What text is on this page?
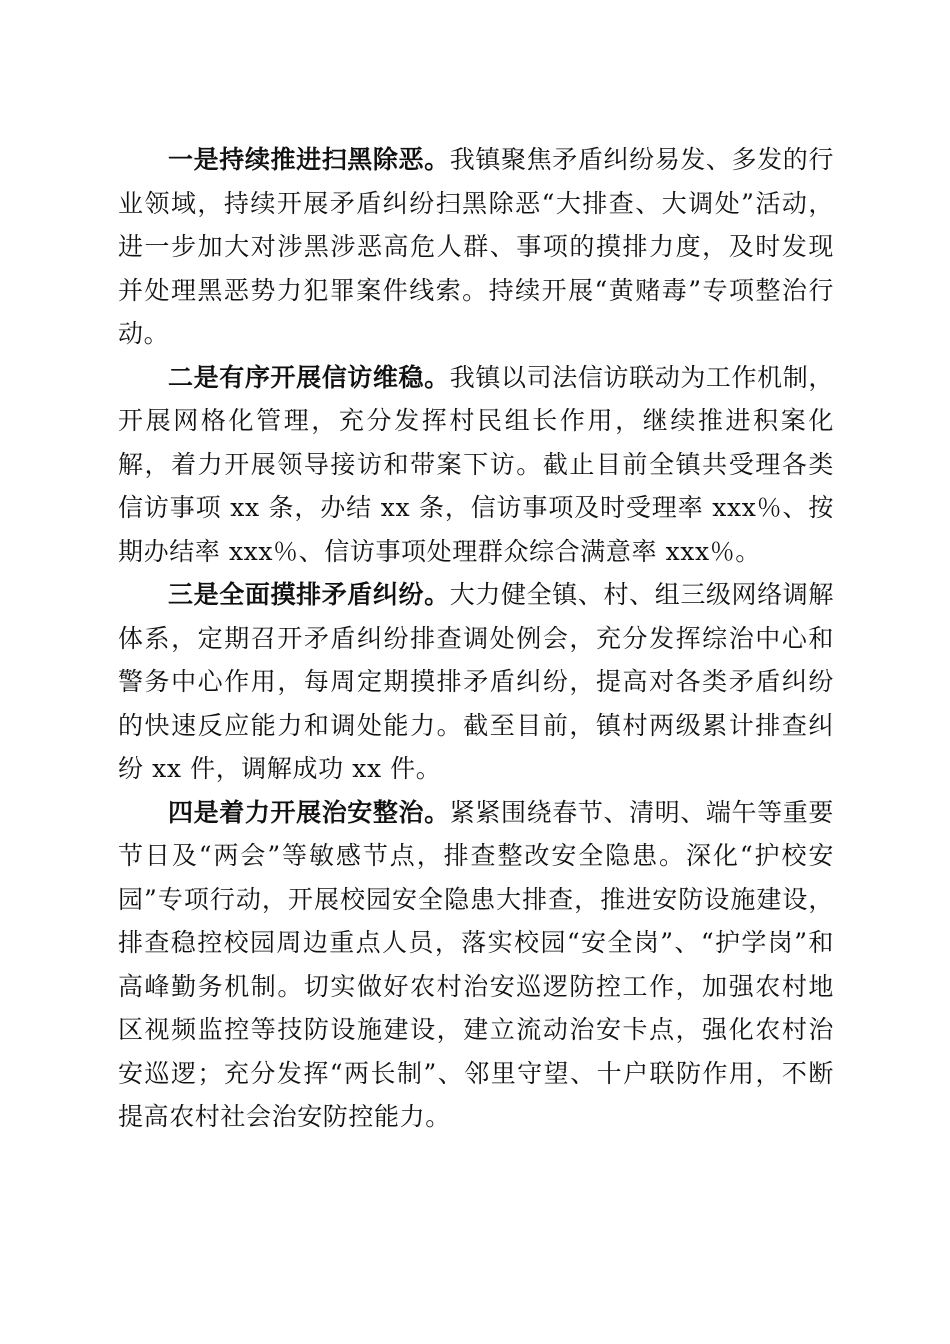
一是持续推进扫黑除恶。我镇聚焦矛盾纠纷易发、多发的行业领域，持续开展矛盾纠纷扫黑除恶“大排查、大调处”活动，进一步加大对涉黑涉恶高危人群、事项的摸排力度，及时发现并处理黑恶势力犯罪案件线索。持续开展“黄赌毒”专项整治行动。

二是有序开展信访维稳。我镇以司法信访联动为工作机制，开展网格化管理，充分发挥村民组长作用，继续推进积案化解，着力开展领导接访和带案下访。截止目前全镇共受理各类信访事项 xx 条，办结 xx 条，信访事项及时受理率 xxx％、按期办结率 xxx％、信访事项处理群众综合满意率 xxx％。

三是全面摸排矛盾纠纷。大力健全镇、村、组三级网络调解体系，定期召开矛盾纠纷排查调处例会，充分发挥综治中心和警务中心作用，每周定期摸排矛盾纠纷，提高对各类矛盾纠纷的快速反应能力和调处能力。截至目前，镇村两级累计排查纠纷 xx 件，调解成功 xx 件。

四是着力开展治安整治。紧紧围绕春节、清明、端午等重要节日及“两会”等敏感节点，排查整改安全隐患。深化“护校安园”专项行动，开展校园安全隐患大排查，推进安防设施建设，排查稳控校园周边重点人员，落实校园“安全岗”、“护学岗”和高峰勤务机制。切实做好农村治安巡逻防控工作，加强农村地区视频监控等技防设施建设，建立流动治安卡点，强化农村治安巡逻；充分发挥“两长制”、邻里守望、十户联防作用，不断提高农村社会治安防控能力。
